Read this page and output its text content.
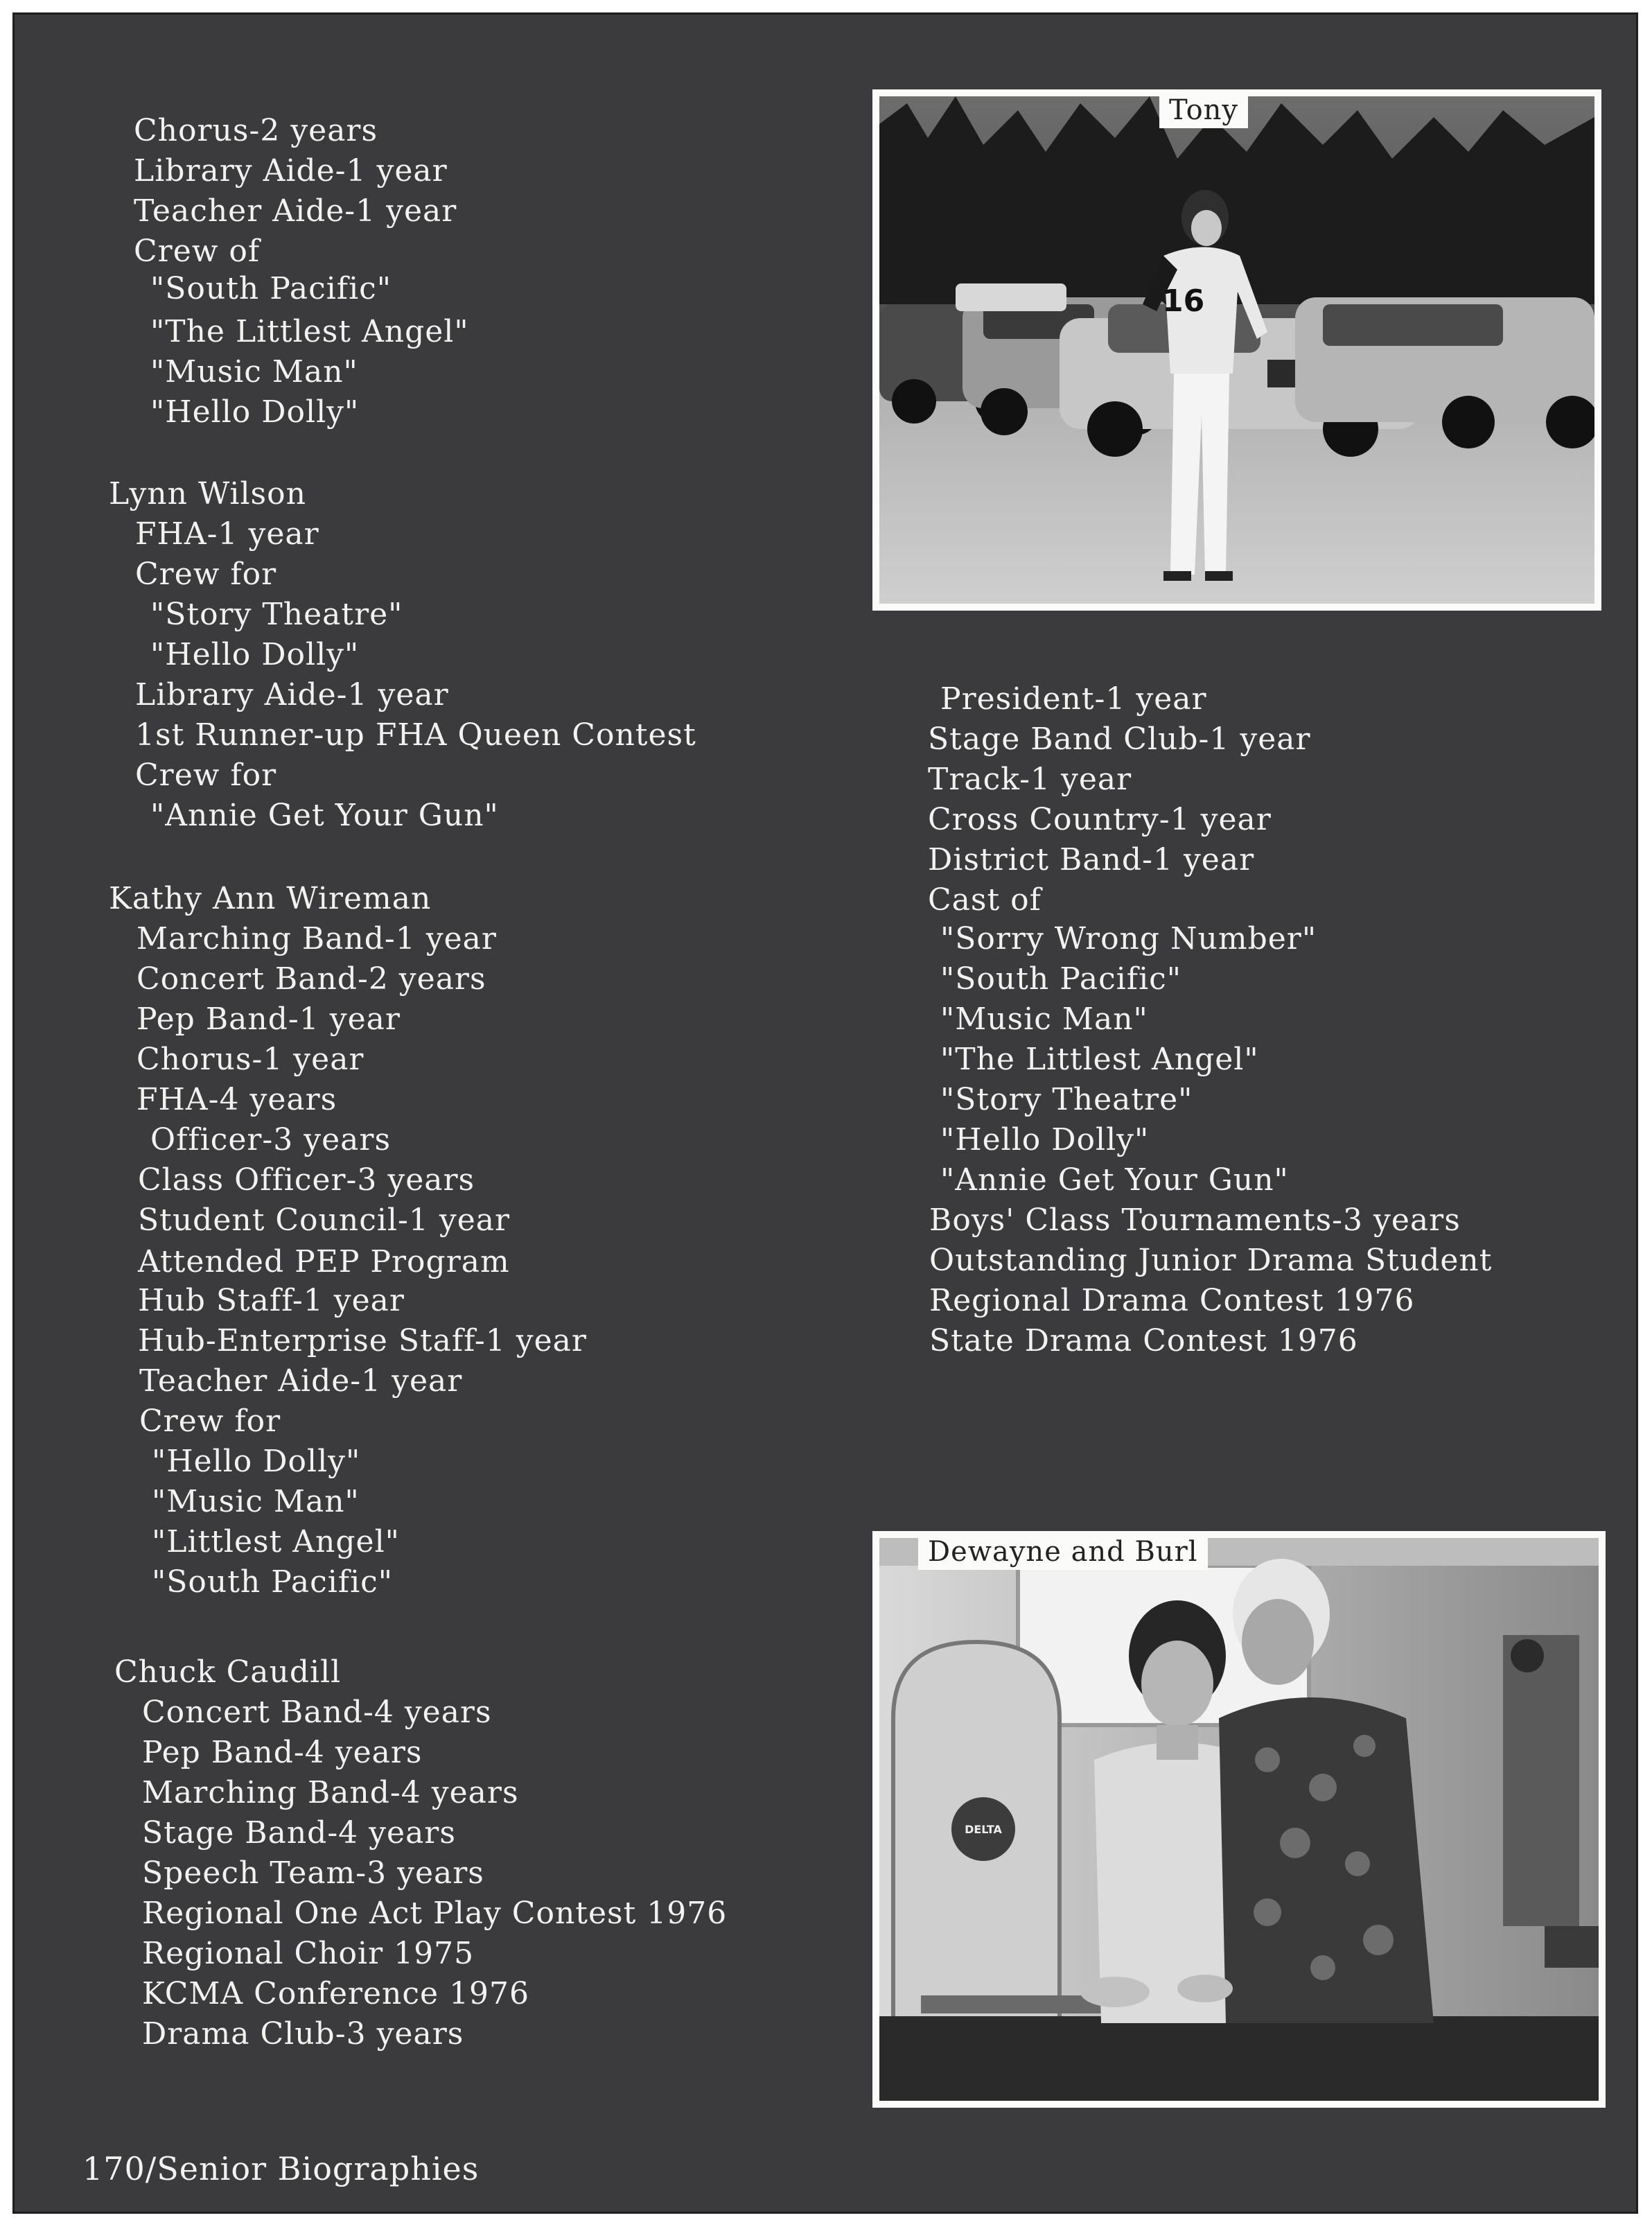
Chorus-2 years
Library Aide-1 year
Teacher Aide-1 year
Crew of
"South Pacific"
"The Littlest Angel"
"Music Man"
"Hello Dolly"
Lynn Wilson
FHA-1 year
Crew for
"Story Theatre"
"Hello Dolly"
Library Aide-1 year
1st Runner-up FHA Queen Contest
Crew for
"Annie Get Your Gun"
Kathy Ann Wireman
Marching Band-1 year
Concert Band-2 years
Pep Band-1 year
Chorus-1 year
FHA-4 years
Officer-3 years
Class Officer-3 years
Student Council-1 year
Attended PEP Program
Hub Staff-1 year
Hub-Enterprise Staff-1 year
Teacher Aide-1 year
Crew for
"Hello Dolly"
"Music Man"
"Littlest Angel"
"South Pacific"
Chuck Caudill
Concert Band-4 years
Pep Band-4 years
Marching Band-4 years
Stage Band-4 years
Speech Team-3 years
Regional One Act Play Contest 1976
Regional Choir 1975
KCMA Conference 1976
Drama Club-3 years
President-1 year
Stage Band Club-1 year
Track-1 year
Cross Country-1 year
District Band-1 year
Cast of
"Sorry Wrong Number"
"South Pacific"
"Music Man"
"The Littlest Angel"
"Story Theatre"
"Hello Dolly"
"Annie Get Your Gun"
Boys' Class Tournaments-3 years
Outstanding Junior Drama Student
Regional Drama Contest 1976
State Drama Contest 1976
16
Tony
DELTA
Dewayne and Burl
170/Senior Biographies
